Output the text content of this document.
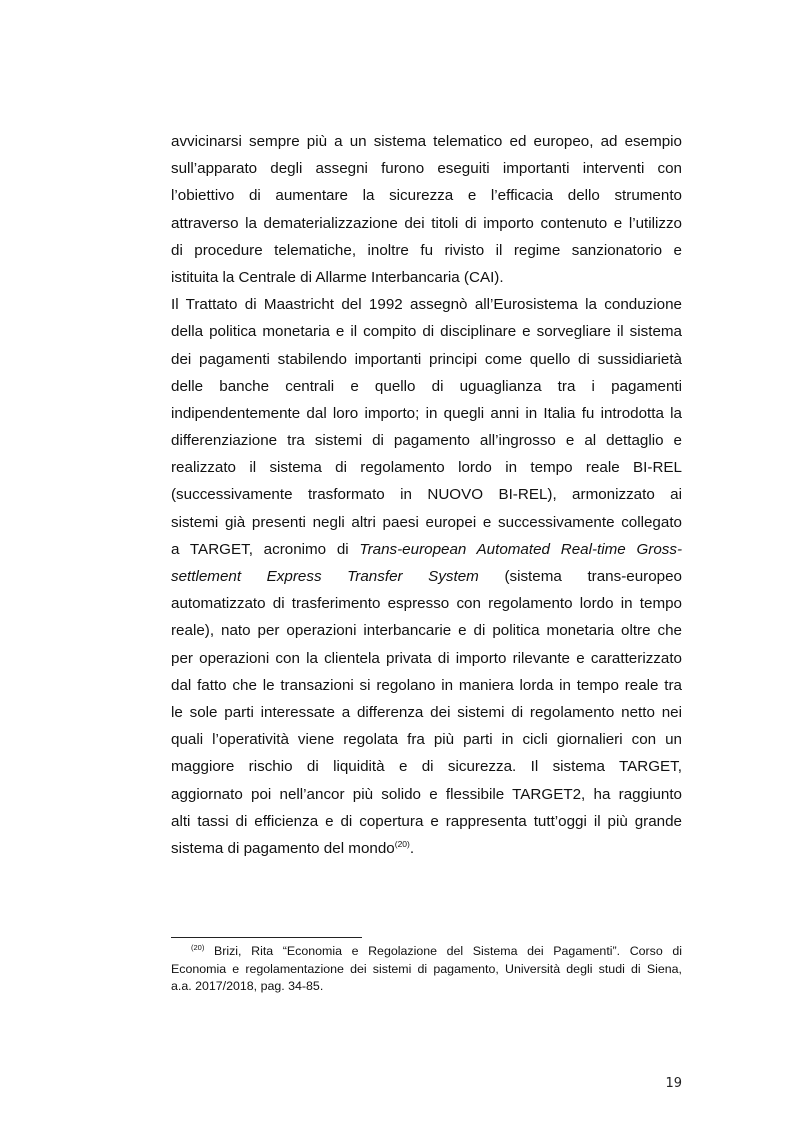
avvicinarsi sempre più a un sistema telematico ed europeo, ad esempio
sull’apparato degli assegni furono eseguiti importanti interventi con
l’obiettivo di aumentare la sicurezza e l’efficacia dello strumento
attraverso la dematerializzazione dei titoli di importo contenuto e l’utilizzo
di procedure telematiche, inoltre fu rivisto il regime sanzionatorio e
istituita la Centrale di Allarme Interbancaria (CAI).
Il Trattato di Maastricht del 1992 assegnò all’Eurosistema la conduzione
della politica monetaria e il compito di disciplinare e sorvegliare il sistema
dei pagamenti stabilendo importanti principi come quello di sussidiarietà
delle banche centrali e quello di uguaglianza tra i pagamenti
indipendentemente dal loro importo; in quegli anni in Italia fu introdotta la
differenziazione tra sistemi di pagamento all’ingrosso e al dettaglio e
realizzato il sistema di regolamento lordo in tempo reale BI-REL
(successivamente trasformato in NUOVO BI-REL), armonizzato ai
sistemi già presenti negli altri paesi europei e successivamente collegato
a TARGET, acronimo di Trans-european Automated Real-time Gross-
settlement Express Transfer System (sistema trans-europeo
automatizzato di trasferimento espresso con regolamento lordo in tempo
reale), nato per operazioni interbancarie e di politica monetaria oltre che
per operazioni con la clientela privata di importo rilevante e caratterizzato
dal fatto che le transazioni si regolano in maniera lorda in tempo reale tra
le sole parti interessate a differenza dei sistemi di regolamento netto nei
quali l’operatività viene regolata fra più parti in cicli giornalieri con un
maggiore rischio di liquidità e di sicurezza. Il sistema TARGET,
aggiornato poi nell’ancor più solido e flessibile TARGET2, ha raggiunto
alti tassi di efficienza e di copertura e rappresenta tutt’oggi il più grande
sistema di pagamento del mondo$^{(20)}$.
$^{(20)}$ Brizi, Rita “Economia e Regolazione del Sistema dei Pagamenti”. Corso di
Economia e regolamentazione dei sistemi di pagamento, Università degli studi di Siena,
a.a. 2017/2018, pag. 34-85.
19
